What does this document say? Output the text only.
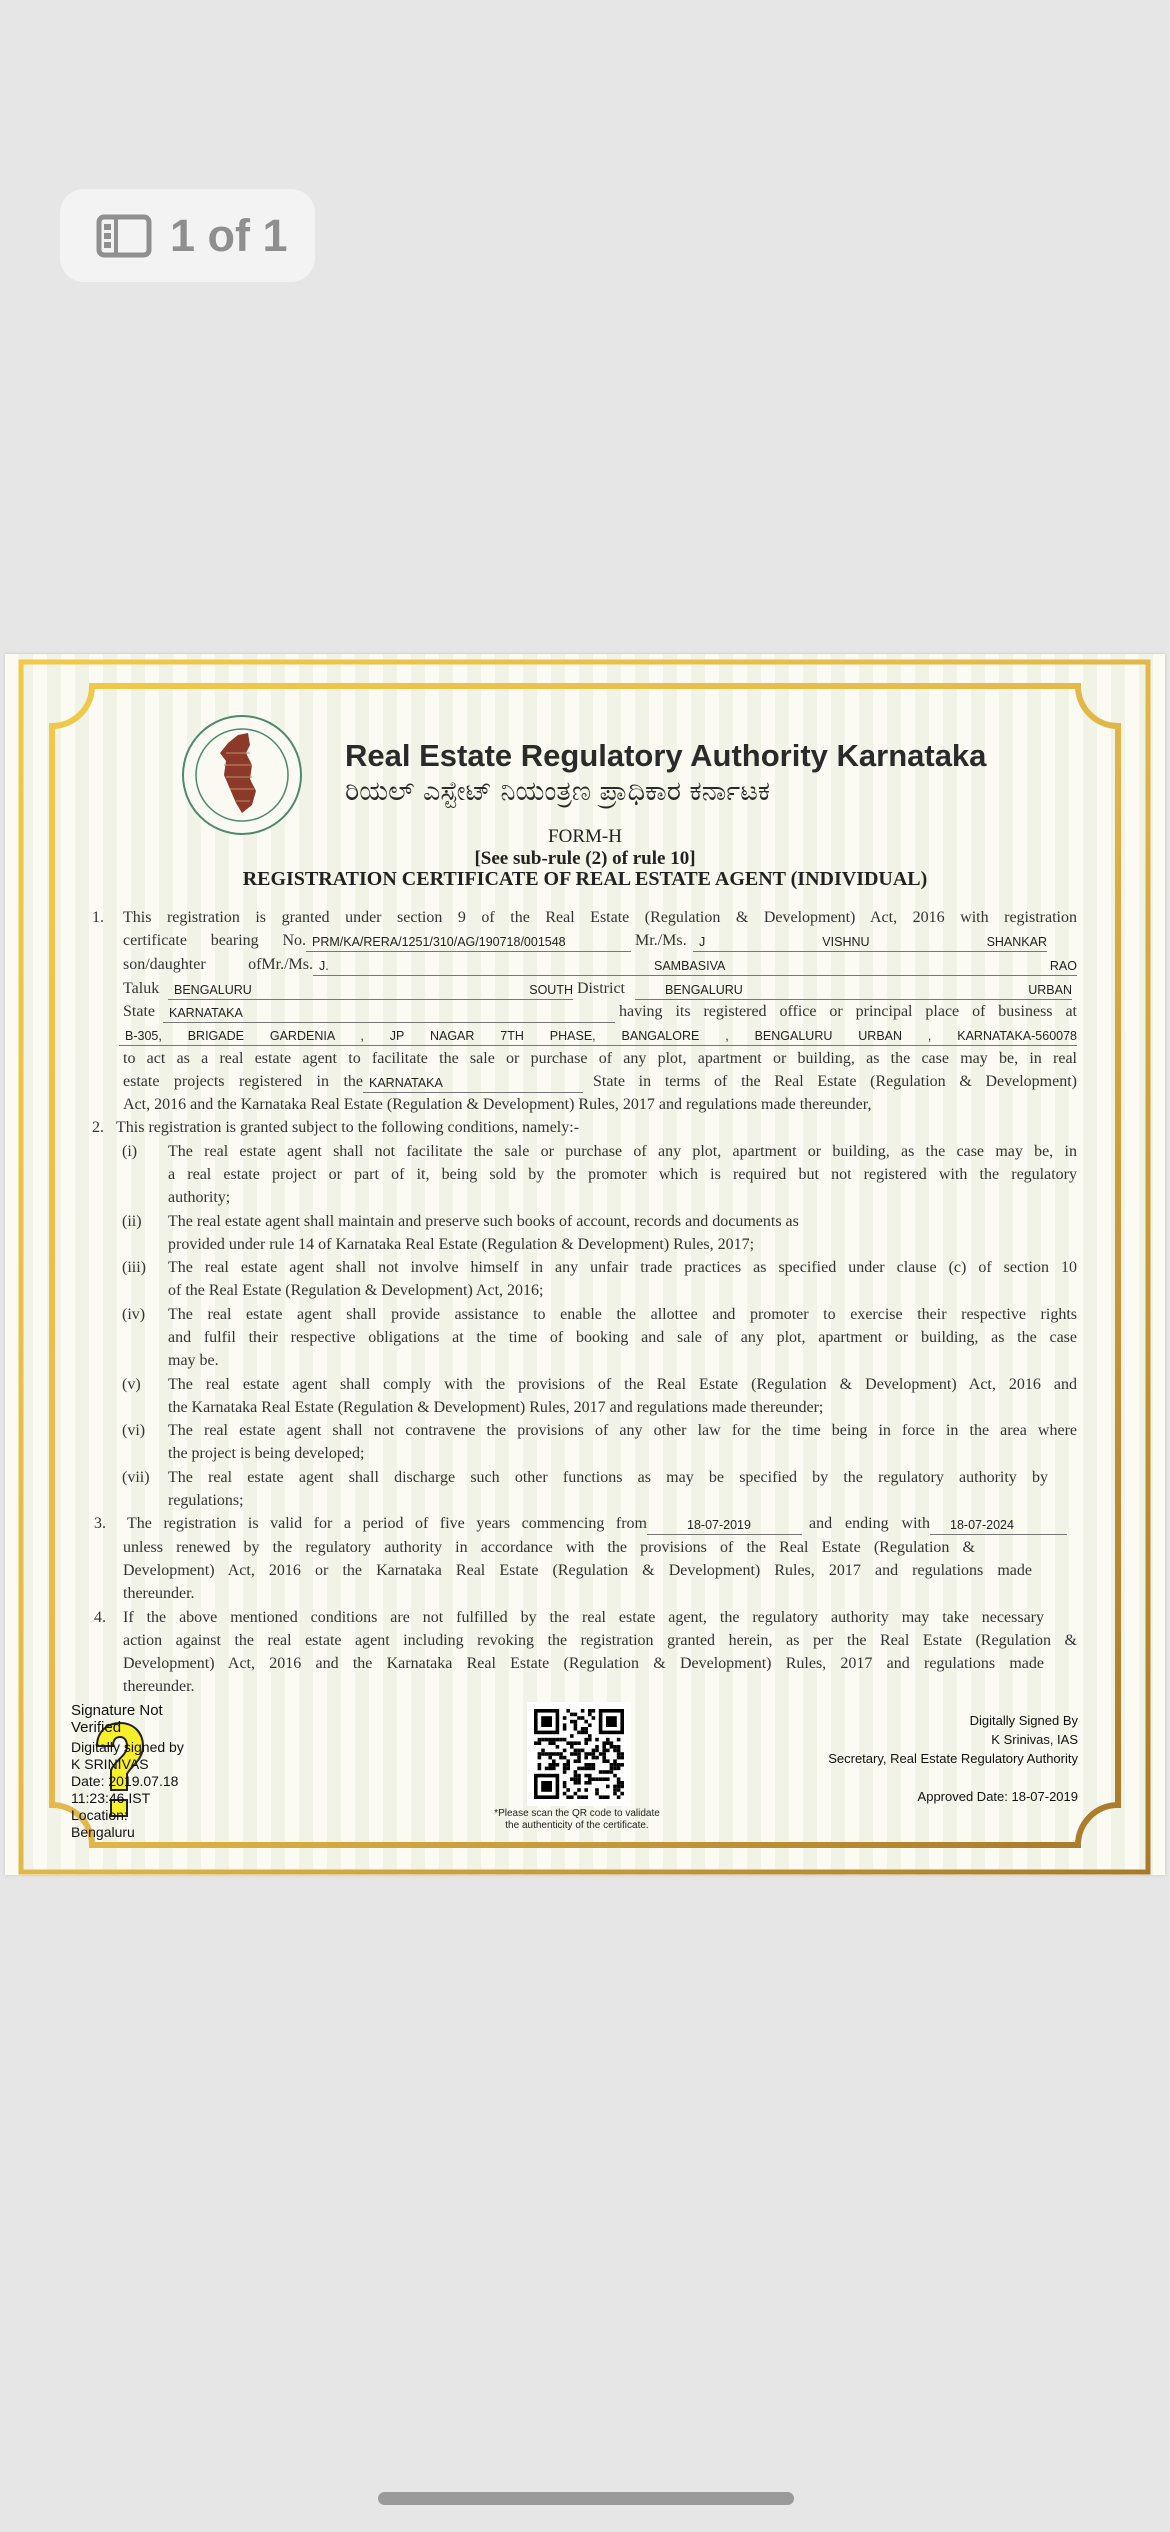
1 of 1
Real Estate Regulatory Authority Karnataka
ರಿಯಲ್ ಎಸ್ಟೇಟ್ ನಿಯಂತ್ರಣ ಪ್ರಾಧಿಕಾರ ಕರ್ನಾಟಕ
FORM-H
[See sub-rule (2) of rule 10]
REGISTRATION CERTIFICATE OF REAL ESTATE AGENT (INDIVIDUAL)
1. This registration is granted under section 9 of the Real Estate (Regulation & Development) Act, 2016 with registration
certificate bearing No. PRM/KA/RERA/1251/310/AG/190718/001548	Mr./Ms. J VISHNU SHANKAR
son/daughter ofMr./Ms. J. SAMBASIVA RAO
Taluk	BENGALURU SOUTH District	BENGALURU URBAN
State	KARNATAKA	having its registered office or principal place of business at
B-305, BRIGADE GARDENIA , JP NAGAR 7TH PHASE, BANGALORE , BENGALURU URBAN , KARNATAKA-560078
to act as a real estate agent to facilitate the sale or purchase of any plot, apartment or building, as the case may be, in real
estate projects registered in the KARNATAKA	State in terms of the Real Estate (Regulation & Development)
Act, 2016 and the Karnataka Real Estate (Regulation & Development) Rules, 2017 and regulations made thereunder,
2. This registration is granted subject to the following conditions, namely:-
(i) The real estate agent shall not facilitate the sale or purchase of any plot, apartment or building, as the case may be, in
a real estate project or part of it, being sold by the promoter which is required but not registered with the regulatory
authority;
(ii) The real estate agent shall maintain and preserve such books of account, records and documents as
provided under rule 14 of Karnataka Real Estate (Regulation & Development) Rules, 2017;
(iii) The real estate agent shall not involve himself in any unfair trade practices as specified under clause (c) of section 10
of the Real Estate (Regulation & Development) Act, 2016;
(iv) The real estate agent shall provide assistance to enable the allottee and promoter to exercise their respective rights
and fulfil their respective obligations at the time of booking and sale of any plot, apartment or building, as the case
may be.
(v) The real estate agent shall comply with the provisions of the Real Estate (Regulation & Development) Act, 2016 and
the Karnataka Real Estate (Regulation & Development) Rules, 2017 and regulations made thereunder;
(vi) The real estate agent shall not contravene the provisions of any other law for the time being in force in the area where
the project is being developed;
(vii) The real estate agent shall discharge such other functions as may be specified by the regulatory authority by
regulations;
3. The registration is valid for a period of five years commencing from	18-07-2019	and ending with	18-07-2024
unless renewed by the regulatory authority in accordance with the provisions of the Real Estate (Regulation &
Development) Act, 2016 or the Karnataka Real Estate (Regulation & Development) Rules, 2017 and regulations made
thereunder.
4. If the above mentioned conditions are not fulfilled by the real estate agent, the regulatory authority may take necessary
action against the real estate agent including revoking the registration granted herein, as per the Real Estate (Regulation &
Development) Act, 2016 and the Karnataka Real Estate (Regulation & Development) Rules, 2017 and regulations made
thereunder.
Signature Not
Verified
Digitally signed by
K SRINIVAS
Date: 2019.07.18
11:23:46 IST
Location:
Bengaluru
*Please scan the QR code to validate
the authenticity of the certificate.
Digitally Signed By
K Srinivas, IAS
Secretary, Real Estate Regulatory Authority
Approved Date: 18-07-2019
